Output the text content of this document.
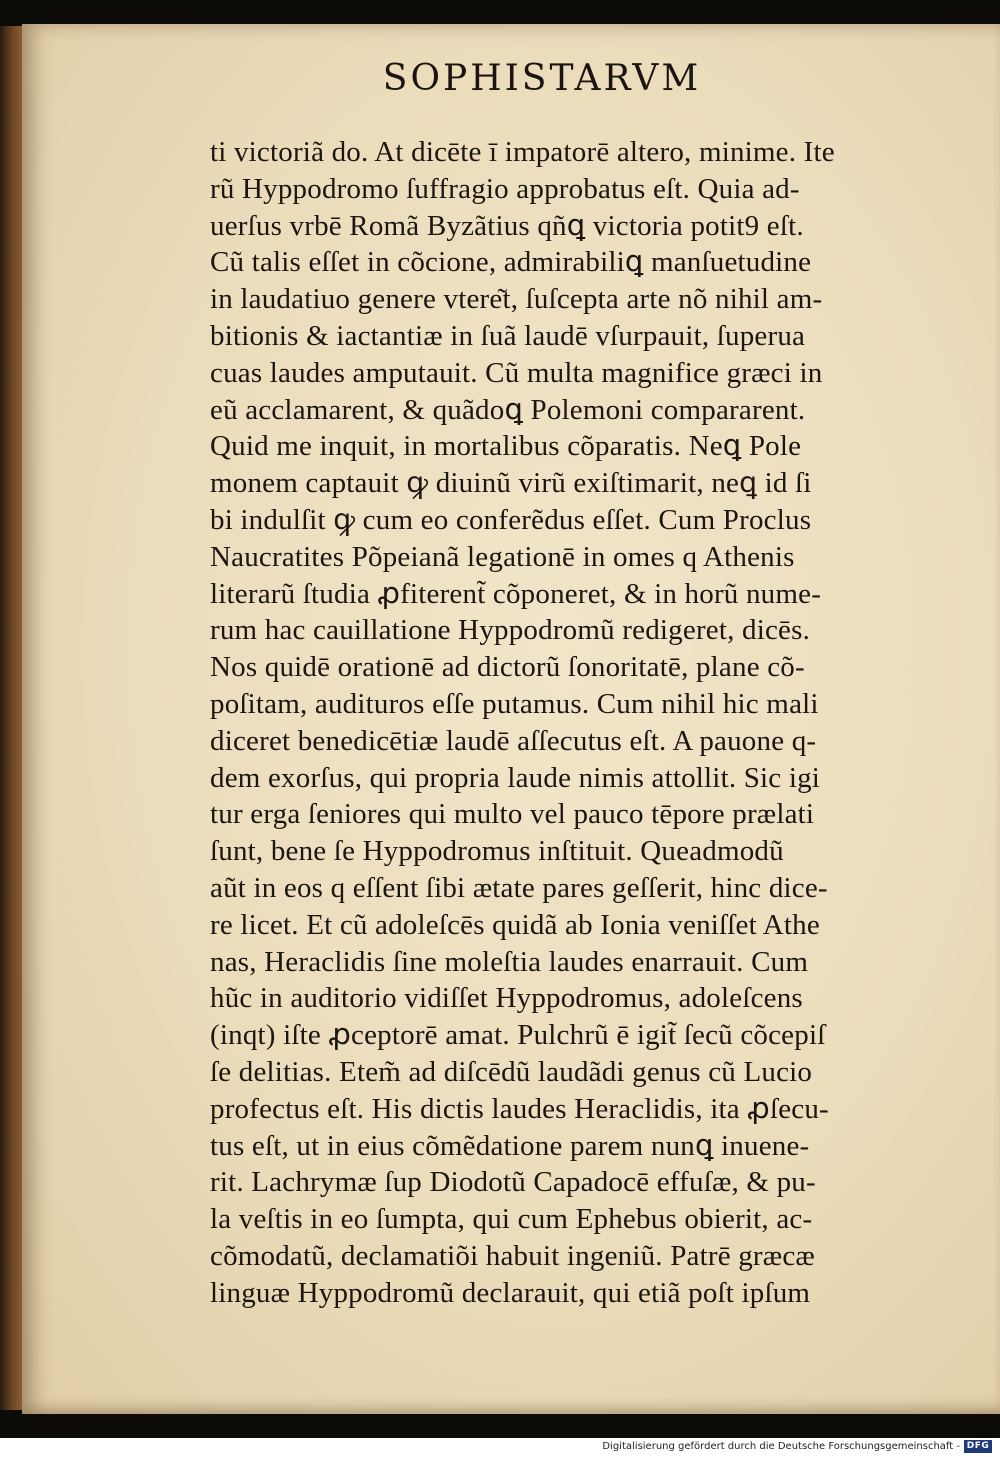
SOPHISTARVM
ti victoriã do. At dicēte ī impatorē altero, minime. Ite
rũ Hyppodromo ſuffragio approbatus eſt. Quia ad-
uerſus vrbē Romã Byzãtius qñꝗ victoria potit9 eſt.
Cũ talis eſſet in cõcione, admirabiliꝗ manſuetudine
in laudatiuo genere vtere͂t, ſuſcepta arte nõ nihil am-
bitionis & iactantiæ in ſuã laudē vſurpauit, ſuperua
cuas laudes amputauit. Cũ multa magnifice græci in
eũ acclamarent, & quãdoꝗ Polemoni compararent.
Quid me inquit, in mortalibus cõparatis. Neꝗ Pole
monem captauit ꝙ diuinũ virũ exiſtimarit, neꝗ id ſi
bi indulſit ꝙ cum eo conferẽdus eſſet. Cum Proclus
Naucratites Põpeianã legationē in omes q Athenis
literarũ ſtudia ꝓfiterent̃ cõponeret, & in horũ nume-
rum hac cauillatione Hyppodromũ redigeret, dicēs.
Nos quidē orationē ad dictorũ ſonoritatē, plane cõ-
poſitam, audituros eſſe putamus. Cum nihil hic mali
diceret benedicētiæ laudē aſſecutus eſt. A pauone q-
dem exorſus, qui propria laude nimis attollit. Sic igi
tur erga ſeniores qui multo vel pauco tēpore prælati
ſunt, bene ſe Hyppodromus inſtituit. Queadmodũ
aũt in eos q eſſent ſibi ætate pares geſſerit, hinc dice-
re licet. Et cũ adoleſcēs quidã ab Ionia veniſſet Athe
nas, Heraclidis ſine moleſtia laudes enarrauit. Cum
hũc in auditorio vidiſſet Hyppodromus, adoleſcens
(inqt) iſte ꝓceptorē amat. Pulchrũ ē igit̃ ſecũ cõcepiſ
ſe delitias. Etem̃ ad diſcēdũ laudãdi genus cũ Lucio
profectus eſt. His dictis laudes Heraclidis, ita ꝓſecu-
tus eſt, ut in eius cõmẽdatione parem nunꝗ inuene-
rit. Lachrymæ ſup Diodotũ Capadocē effuſæ, & pu-
la veſtis in eo ſumpta, qui cum Ephebus obierit, ac-
cõmodatũ, declamatiõi habuit ingeniũ. Patrē græcæ
linguæ Hyppodromũ declarauit, qui etiã poſt ipſum
Digitalisierung gefördert durch die Deutsche Forschungsgemeinschaft - DFG
